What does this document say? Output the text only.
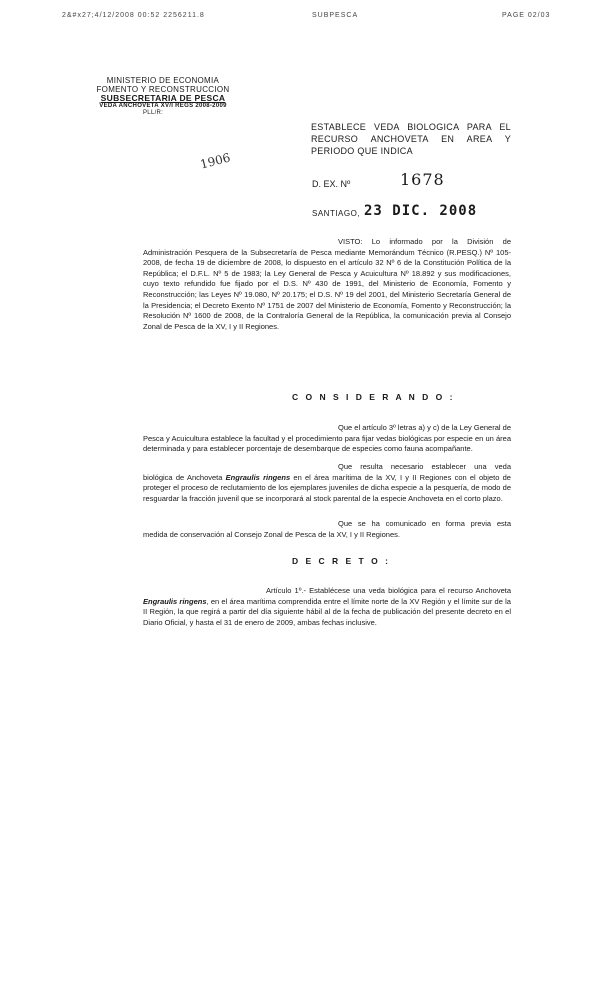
2&#x27;4/12/2008 00:52 2256211.8	SUBPESCA	PAGE 02/03
MINISTERIO DE ECONOMIA
FOMENTO Y RECONSTRUCCION
SUBSECRETARIA DE PESCA
VEDA ANCHOVETA XV/I REGS 2008-2009
PLL/R:
1906
ESTABLECE VEDA BIOLOGICA PARA EL RECURSO ANCHOVETA EN AREA Y PERIODO QUE INDICA
D. EX. Nº	1678
SANTIAGO, 23 DIC. 2008
VISTO: Lo informado por la División de Administración Pesquera de la Subsecretaría de Pesca mediante Memorándum Técnico (R.PESQ.) Nº 105-2008, de fecha 19 de diciembre de 2008, lo dispuesto en el artículo 32 Nº 6 de la Constitución Política de la República; el D.F.L. Nº 5 de 1983; la Ley General de Pesca y Acuicultura Nº 18.892 y sus modificaciones, cuyo texto refundido fue fijado por el D.S. Nº 430 de 1991, del Ministerio de Economía, Fomento y Reconstrucción; las Leyes Nº 19.080, Nº 20.175; el D.S. Nº 19 del 2001, del Ministerio Secretaría General de la Presidencia; el Decreto Exento Nº 1751 de 2007 del Ministerio de Economía, Fomento y Reconstrucción; la Resolución Nº 1600 de 2008, de la Contraloría General de la República, la comunicación previa al Consejo Zonal de Pesca de la XV, I y II Regiones.
C O N S I D E R A N D O :
Que el artículo 3º letras a) y c) de la Ley General de Pesca y Acuicultura establece la facultad y el procedimiento para fijar vedas biológicas por especie en un área determinada y para establecer porcentaje de desembarque de especies como fauna acompañante.
Que resulta necesario establecer una veda biológica de Anchoveta Engraulis ringens en el área marítima de la XV, I y II Regiones con el objeto de proteger el proceso de reclutamiento de los ejemplares juveniles de dicha especie a la pesquería, de modo de resguardar la fracción juvenil que se incorporará al stock parental de la especie Anchoveta en el corto plazo.
Que se ha comunicado en forma previa esta medida de conservación al Consejo Zonal de Pesca de la XV, I y II Regiones.
D E C R E T O :
Artículo 1º.- Establécese una veda biológica para el recurso Anchoveta Engraulis ringens, en el área marítima comprendida entre el límite norte de la XV Región y el límite sur de la II Región, la que regirá a partir del día siguiente hábil al de la fecha de publicación del presente decreto en el Diario Oficial, y hasta el 31 de enero de 2009, ambas fechas inclusive.
